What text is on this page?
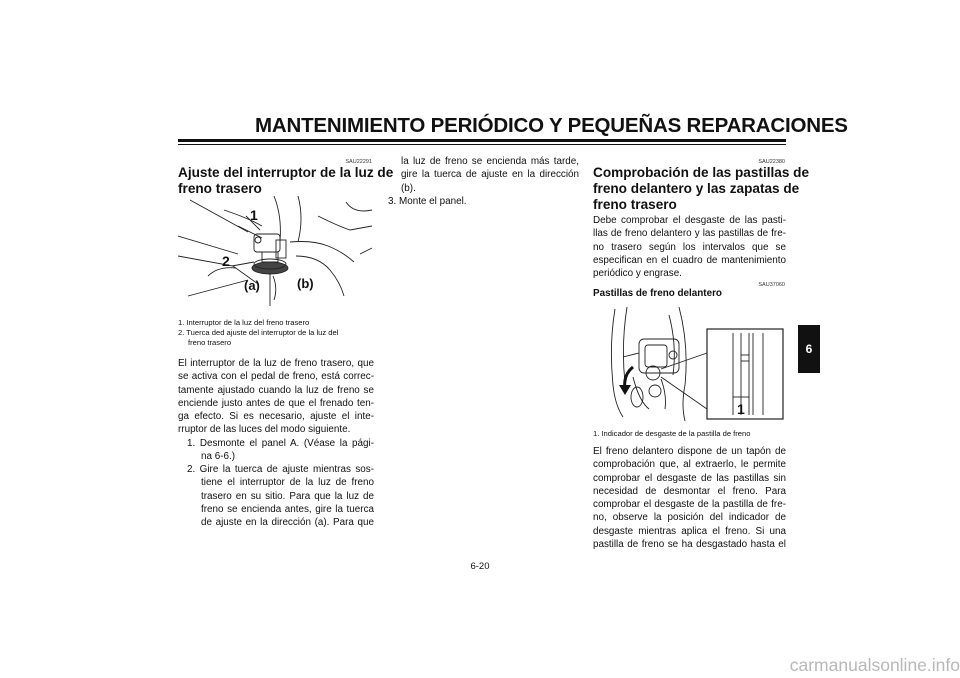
MANTENIMIENTO PERIÓDICO Y PEQUEÑAS REPARACIONES
SAU22291
Ajuste del interruptor de la luz de
freno trasero
1
2
(a)	(b)
1. Interruptor de la luz del freno trasero
2. Tuerca ded ajuste del interruptor de la luz del
freno trasero
El interruptor de la luz de freno trasero, que
se activa con el pedal de freno, está correc-
tamente ajustado cuando la luz de freno se
enciende justo antes de que el frenado ten-
ga efecto. Si es necesario, ajuste el inte-
rruptor de las luces del modo siguiente.
1. Desmonte el panel A. (Véase la pági-
na 6-6.)
2. Gire la tuerca de ajuste mientras sos-
tiene el interruptor de la luz de freno
trasero en su sitio. Para que la luz de
freno se encienda antes, gire la tuerca
de ajuste en la dirección (a). Para que
la luz de freno se encienda más tarde,
gire la tuerca de ajuste en la dirección
(b).
3. Monte el panel.
SAU22380
Comprobación de las pastillas de
freno delantero y las zapatas de
freno trasero
Debe comprobar el desgaste de las pasti-
llas de freno delantero y las pastillas de fre-
no trasero según los intervalos que se
especifican en el cuadro de mantenimiento
periódico y engrase.
SAU37060
Pastillas de freno delantero
1
1. Indicador de desgaste de la pastilla de freno
El freno delantero dispone de un tapón de
comprobación que, al extraerlo, le permite
comprobar el desgaste de las pastillas sin
necesidad de desmontar el freno. Para
comprobar el desgaste de la pastilla de fre-
no, observe la posición del indicador de
desgaste mientras aplica el freno. Si una
pastilla de freno se ha desgastado hasta el
6
6-20
carmanualsonline.info
